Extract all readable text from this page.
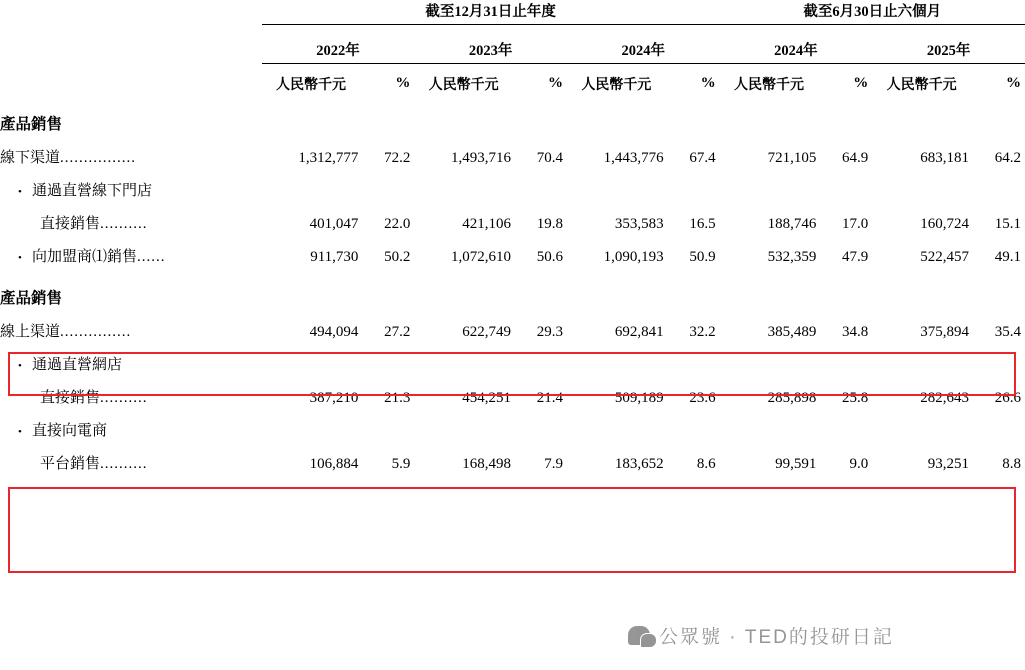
	截至12月31日止年度						截至6月30日止六個月			

	2022年		2023年		2024年		2024年		2025年	
	人民幣千元	%	人民幣千元	%	人民幣千元	%	人民幣千元	%	人民幣千元	%
產品銷售										
線下渠道................	1,312,777	72.2	1,493,716	70.4	1,443,776	67.4	721,105	64.9	683,181	64.2
• 通過直營線下門店										
直接銷售..........	401,047	22.0	421,106	19.8	353,583	16.5	188,746	17.0	160,724	15.1
• 向加盟商⑴銷售......	911,730	50.2	1,072,610	50.6	1,090,193	50.9	532,359	47.9	522,457	49.1
產品銷售										
線上渠道...............	494,094	27.2	622,749	29.3	692,841	32.2	385,489	34.8	375,894	35.4
• 通過直營網店										
直接銷售..........	387,210	21.3	454,251	21.4	509,189	23.6	285,898	25.8	282,643	26.6
• 直接向電商										
平台銷售..........	106,884	5.9	168,498	7.9	183,652	8.6	99,591	9.0	93,251	8.8
公眾號 · TED的投研日記
